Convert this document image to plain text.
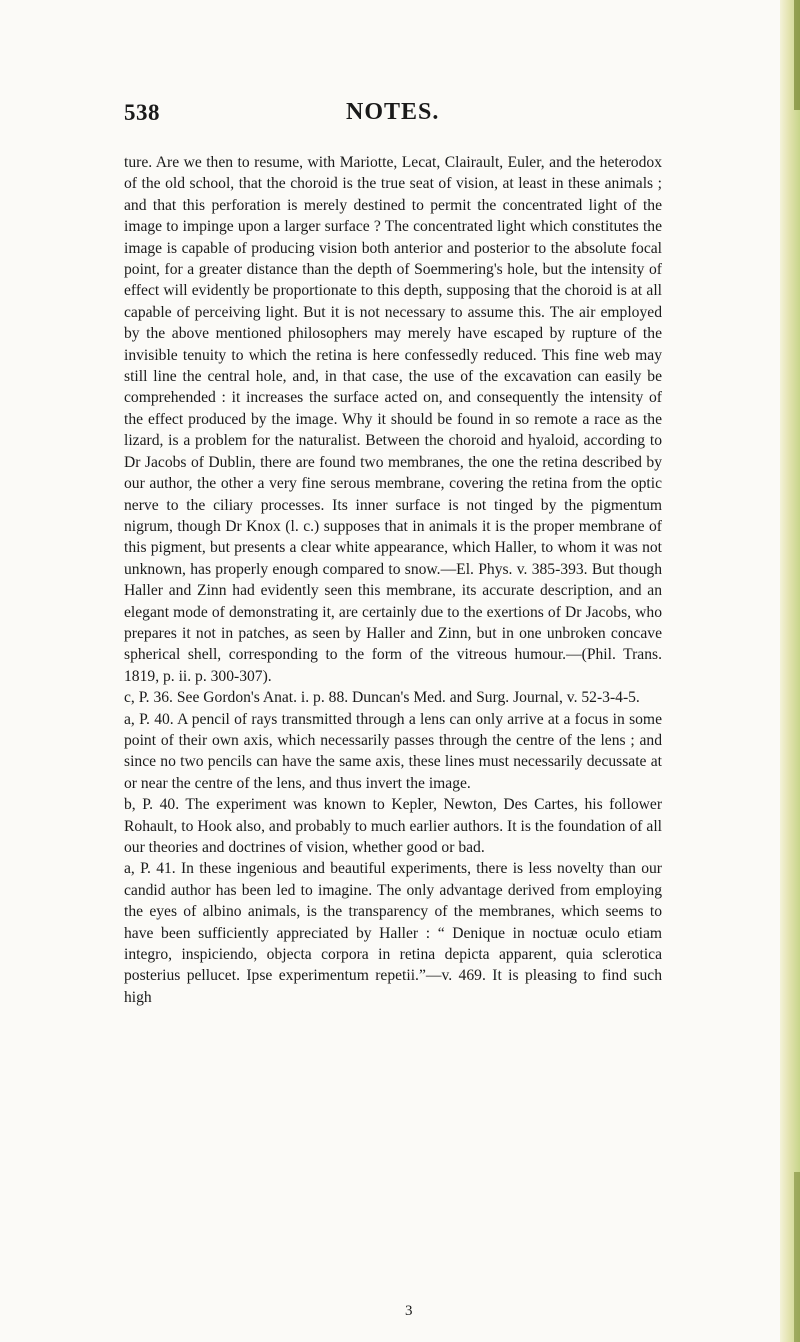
538	NOTES.

ture. Are we then to resume, with Mariotte, Lecat, Clairault, Euler, and the heterodox of the old school, that the choroid is the true seat of vision, at least in these animals ; and that this perforation is merely destined to permit the concentrated light of the image to impinge upon a larger surface ? The concentrated light which constitutes the image is capable of producing vision both anterior and posterior to the absolute focal point, for a greater distance than the depth of Soemmering's hole, but the intensity of effect will evidently be proportionate to this depth, supposing that the choroid is at all capable of perceiving light. But it is not necessary to assume this. The air employed by the above mentioned philosophers may merely have escaped by rupture of the invisible tenuity to which the retina is here confessedly reduced. This fine web may still line the central hole, and, in that case, the use of the excavation can easily be comprehended : it increases the surface acted on, and consequently the intensity of the effect produced by the image. Why it should be found in so remote a race as the lizard, is a problem for the naturalist. Between the choroid and hyaloid, according to Dr Jacobs of Dublin, there are found two membranes, the one the retina described by our author, the other a very fine serous membrane, covering the retina from the optic nerve to the ciliary processes. Its inner surface is not tinged by the pigmentum nigrum, though Dr Knox (l. c.) supposes that in animals it is the proper membrane of this pigment, but presents a clear white appearance, which Haller, to whom it was not unknown, has properly enough compared to snow.—El. Phys. v. 385-393. But though Haller and Zinn had evidently seen this membrane, its accurate description, and an elegant mode of demonstrating it, are certainly due to the exertions of Dr Jacobs, who prepares it not in patches, as seen by Haller and Zinn, but in one unbroken concave spherical shell, corresponding to the form of the vitreous humour.—(Phil. Trans. 1819, p. ii. p. 300-307).

c, P. 36. See Gordon's Anat. i. p. 88. Duncan's Med. and Surg. Journal, v. 52-3-4-5.

a, P. 40. A pencil of rays transmitted through a lens can only arrive at a focus in some point of their own axis, which necessarily passes through the centre of the lens ; and since no two pencils can have the same axis, these lines must necessarily decussate at or near the centre of the lens, and thus invert the image.

b, P. 40. The experiment was known to Kepler, Newton, Des Cartes, his follower Rohault, to Hook also, and probably to much earlier authors. It is the foundation of all our theories and doctrines of vision, whether good or bad.

a, P. 41. In these ingenious and beautiful experiments, there is less novelty than our candid author has been led to imagine. The only advantage derived from employing the eyes of albino animals, is the transparency of the membranes, which seems to have been sufficiently appreciated by Haller : “ Denique in noctuæ oculo etiam integro, inspiciendo, objecta corpora in retina depicta apparent, quia sclerotica posterius pellucet. Ipse experimentum repetii.”—v. 469. It is pleasing to find such high

3
